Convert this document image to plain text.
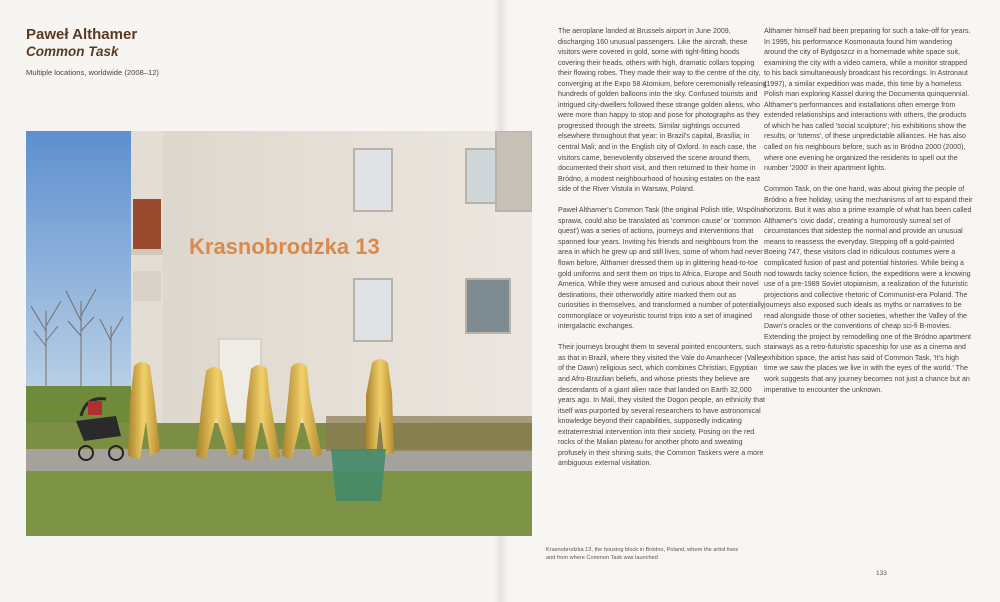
Paweł Althamer
Common Task

Multiple locations, worldwide (2008–12)

Krasnobrodzka 13

The aeroplane landed at Brussels airport in June 2009, discharging 160 unusual passengers. Like the aircraft, these visitors were covered in gold, some with tight-fitting hoods covering their heads, others with high, dramatic collars topping their flowing robes. They made their way to the centre of the city, converging at the Expo 58 Atomium, before ceremonially releasing hundreds of golden balloons into the sky. Confused tourists and intrigued city-dwellers followed these strange golden aliens, who were more than happy to stop and pose for photographs as they progressed through the streets. Similar sightings occurred elsewhere throughout that year: in Brazil's capital, Brasília; in central Mali; and in the English city of Oxford. In each case, the visitors came, benevolently observed the scene around them, documented their short visit, and then returned to their home in Bródno, a modest neighbourhood of housing estates on the east side of the River Vistula in Warsaw, Poland.

Paweł Althamer's Common Task (the original Polish title, Wspólna sprawa, could also be translated as 'common cause' or 'common quest') was a series of actions, journeys and interventions that spanned four years. Inviting his friends and neighbours from the area in which he grew up and still lives, some of whom had never flown before, Althamer dressed them up in glittering head-to-toe gold uniforms and sent them on trips to Africa, Europe and South America. While they were amused and curious about their novel destinations, their otherworldly attire marked them out as curiosities in themselves, and transformed a number of potentially commonplace or voyeuristic tourist trips into a set of imagined intergalactic exchanges.

Their journeys brought them to several pointed encounters, such as that in Brazil, where they visited the Vale do Amanhecer (Valley of the Dawn) religious sect, which combines Christian, Egyptian and Afro-Brazilian beliefs, and whose priests they believe are descendants of a giant alien race that landed on Earth 32,000 years ago. In Mali, they visited the Dogon people, an ethnicity that itself was purported by several researchers to have astronomical knowledge beyond their capabilities, supposedly indicating extraterrestrial intervention into their society. Posing on the red rocks of the Malian plateau for another photo and sweating profusely in their shining suits, the Common Taskers were a more ambiguous external visitation.

Althamer himself had been preparing for such a take-off for years. In 1995, his performance Kosmonauta found him wandering around the city of Bydgoszcz in a homemade white space suit, examining the city with a video camera, while a monitor strapped to his back simultaneously broadcast his recordings. In Astronaut (1997), a similar expedition was made, this time by a homeless Polish man exploring Kassel during the Documenta quinquennial. Althamer's performances and installations often emerge from extended relationships and interactions with others, the products of which he has called 'social sculpture'; his exhibitions show the results, or 'totems', of these unpredictable alliances. He has also called on his neighbours before, such as in Bródno 2000 (2000), where one evening he organized the residents to spell out the number '2000' in their apartment lights.

Common Task, on the one hand, was about giving the people of Bródno a free holiday, using the mechanisms of art to expand their horizons. But it was also a prime example of what has been called Althamer's 'civic dada', creating a humorously surreal set of circumstances that sidestep the normal and provide an unusual means to reassess the everyday. Stepping off a gold-painted Boeing 747, these visitors clad in ridiculous costumes were a complicated fusion of past and potential histories. While being a nod towards tacky science fiction, the expeditions were a knowing use of a pre-1989 Soviet utopianism, a realization of the futuristic projections and collective rhetoric of Communist-era Poland. The journeys also exposed such ideals as myths or narratives to be read alongside those of other societies, whether the Valley of the Dawn's oracles or the conventions of cheap sci-fi B-movies. Extending the project by remodelling one of the Bródno apartment stairways as a retro-futuristic spaceship for use as a cinema and exhibition space, the artist has said of Common Task, 'It's high time we saw the places we live in with the eyes of the world.' The work suggests that any journey becomes not just a chance but an imperative to encounter the unknown.

Krasnobrodzka 13, the housing block in Bródno, Poland, where the artist lives and from where Common Task was launched

133
